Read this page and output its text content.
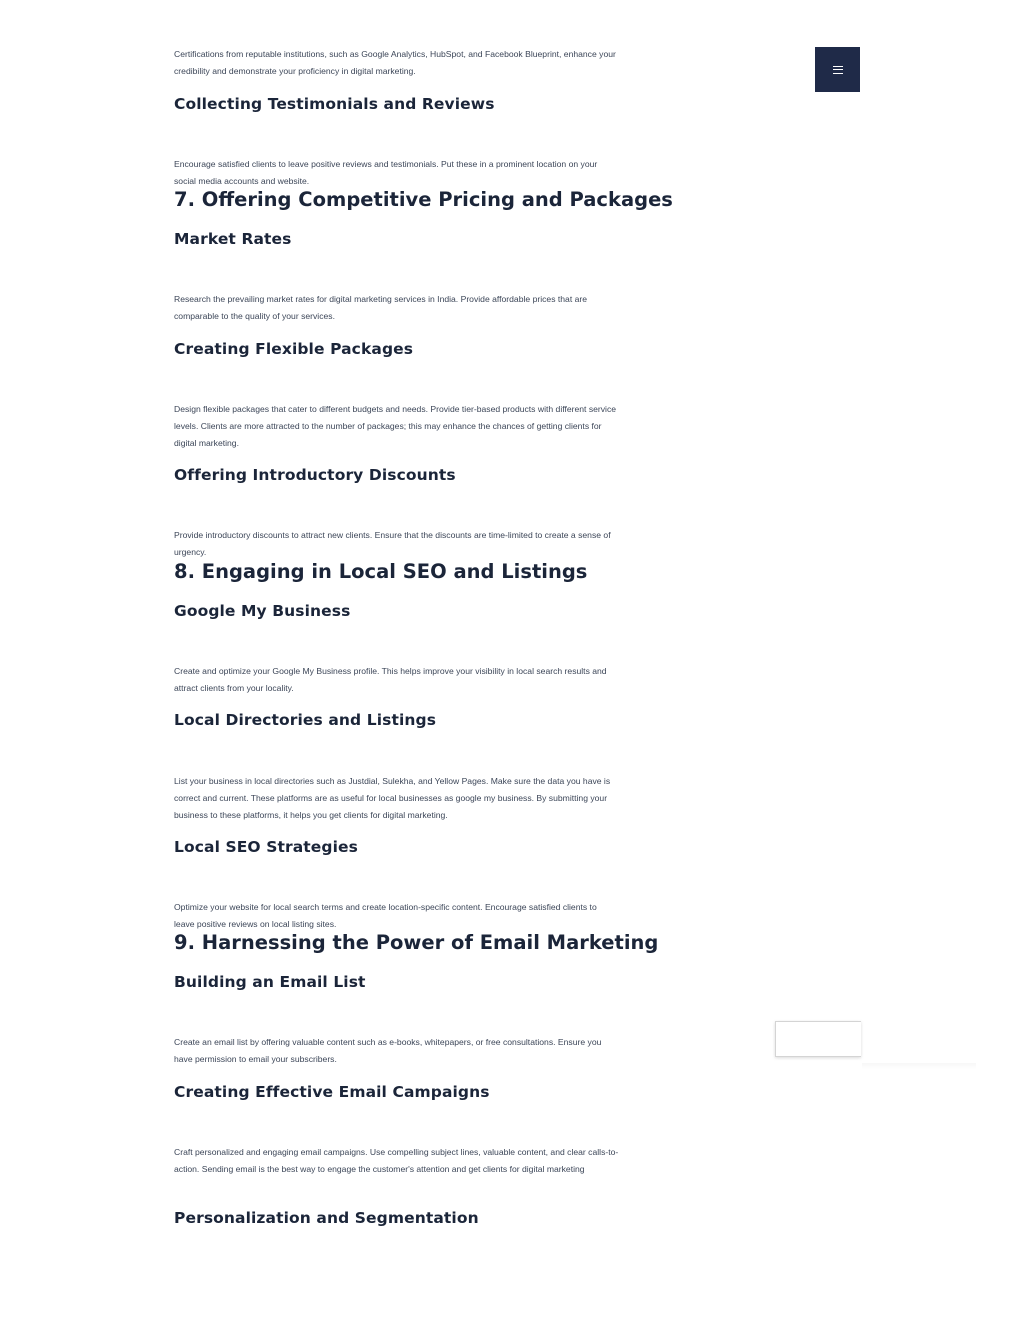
Certifications from reputable institutions, such as Google Analytics, HubSpot, and Facebook Blueprint, enhance your credibility and demonstrate your proficiency in digital marketing.

Collecting Testimonials and Reviews

Encourage satisfied clients to leave positive reviews and testimonials. Put these in a prominent location on your social media accounts and website.

7. Offering Competitive Pricing and Packages
Market Rates

Research the prevailing market rates for digital marketing services in India. Provide affordable prices that are comparable to the quality of your services.

Creating Flexible Packages

Design flexible packages that cater to different budgets and needs. Provide tier-based products with different service levels. Clients are more attracted to the number of packages; this may enhance the chances of getting clients for digital marketing.

Offering Introductory Discounts

Provide introductory discounts to attract new clients. Ensure that the discounts are time-limited to create a sense of urgency.

8. Engaging in Local SEO and Listings
Google My Business

Create and optimize your Google My Business profile. This helps improve your visibility in local search results and attract clients from your locality.

Local Directories and Listings

List your business in local directories such as Justdial, Sulekha, and Yellow Pages. Make sure the data you have is correct and current. These platforms are as useful for local businesses as google my business. By submitting your business to these platforms, it helps you get clients for digital marketing.

Local SEO Strategies

Optimize your website for local search terms and create location-specific content. Encourage satisfied clients to leave positive reviews on local listing sites.

9. Harnessing the Power of Email Marketing
Building an Email List

Create an email list by offering valuable content such as e-books, whitepapers, or free consultations. Ensure you have permission to email your subscribers.

Creating Effective Email Campaigns

Craft personalized and engaging email campaigns. Use compelling subject lines, valuable content, and clear calls-to-action. Sending email is the best way to engage the customer's attention and get clients for digital marketing

Personalization and Segmentation
